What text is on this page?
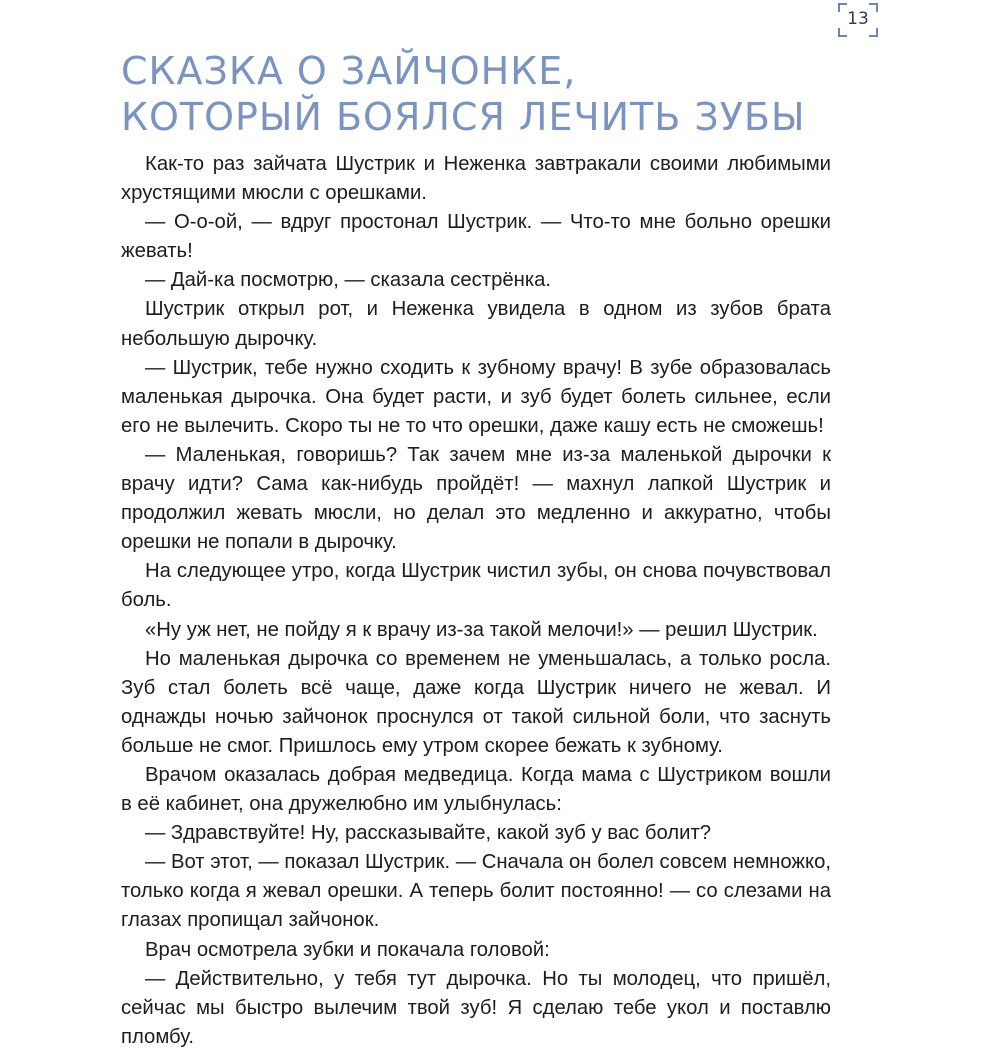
13
СКАЗКА О ЗАЙЧОНКЕ,
КОТОРЫЙ БОЯЛСЯ ЛЕЧИТЬ ЗУБЫ

Как-то раз зайчата Шустрик и Неженка завтракали своими любимыми хрустящими мюсли с орешками.

— О-о-ой, — вдруг простонал Шустрик. — Что-то мне больно орешки жевать!

— Дай-ка посмотрю, — сказала сестрёнка.

Шустрик открыл рот, и Неженка увидела в одном из зубов брата небольшую дырочку.

— Шустрик, тебе нужно сходить к зубному врачу! В зубе образовалась маленькая дырочка. Она будет расти, и зуб будет болеть сильнее, если его не вылечить. Скоро ты не то что орешки, даже кашу есть не сможешь!

— Маленькая, говоришь? Так зачем мне из-за маленькой дырочки к врачу идти? Сама как-нибудь пройдёт! — махнул лапкой Шустрик и продолжил жевать мюсли, но делал это медленно и аккуратно, чтобы орешки не попали в дырочку.

На следующее утро, когда Шустрик чистил зубы, он снова почувствовал боль.

«Ну уж нет, не пойду я к врачу из-за такой мелочи!» — решил Шустрик.

Но маленькая дырочка со временем не уменьшалась, а только росла. Зуб стал болеть всё чаще, даже когда Шустрик ничего не жевал. И однажды ночью зайчонок проснулся от такой сильной боли, что заснуть больше не смог. Пришлось ему утром скорее бежать к зубному.

Врачом оказалась добрая медведица. Когда мама с Шустриком вошли в её кабинет, она дружелюбно им улыбнулась:

— Здравствуйте! Ну, рассказывайте, какой зуб у вас болит?

— Вот этот, — показал Шустрик. — Сначала он болел совсем немножко, только когда я жевал орешки. А теперь болит постоянно! — со слезами на глазах пропищал зайчонок.

Врач осмотрела зубки и покачала головой:

— Действительно, у тебя тут дырочка. Но ты молодец, что пришёл, сейчас мы быстро вылечим твой зуб! Я сделаю тебе укол и поставлю пломбу.
